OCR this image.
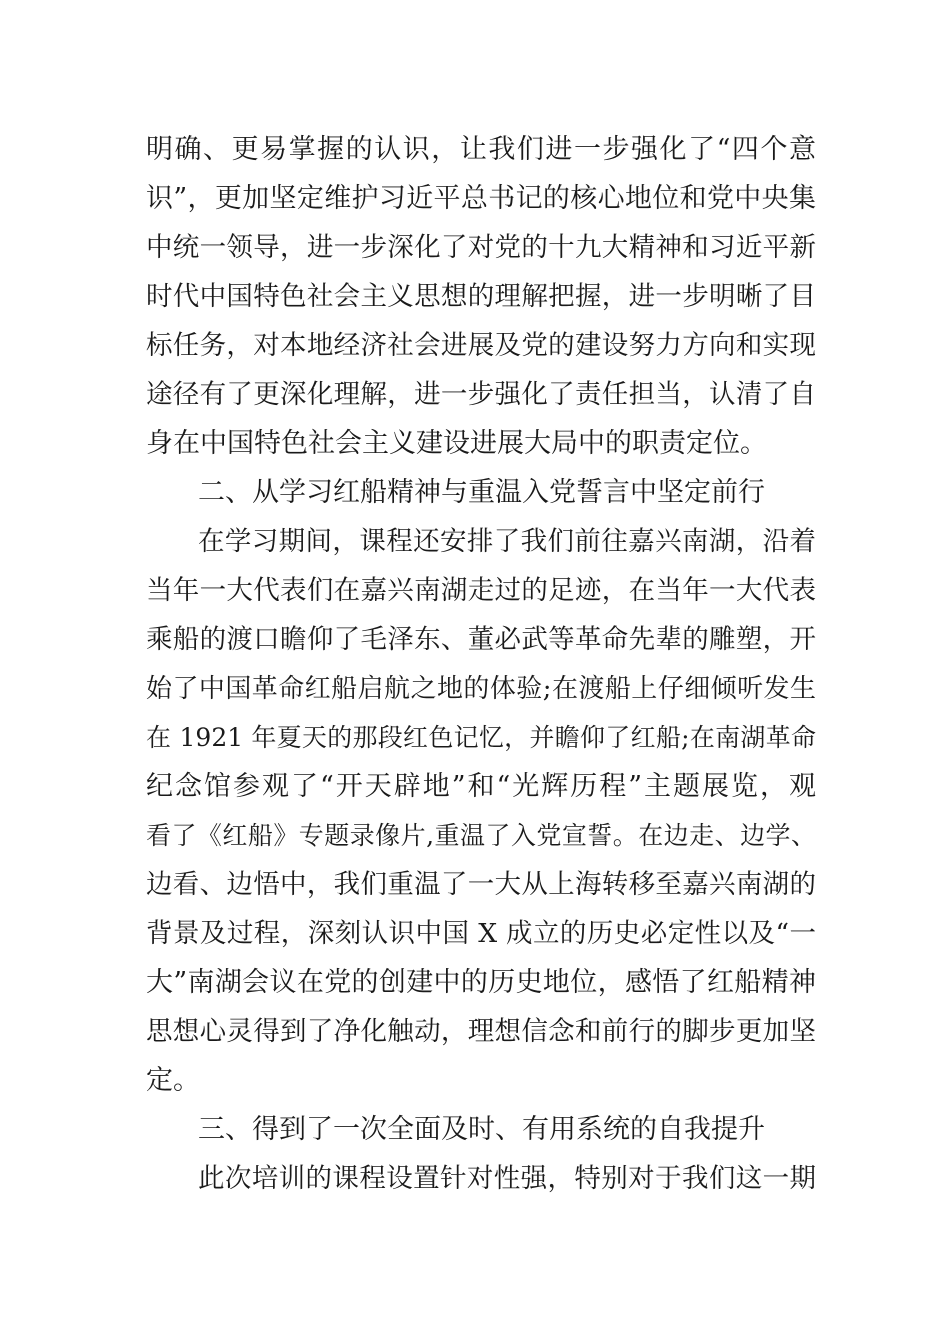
明确、更易掌握的认识，让我们进一步强化了“四个意
识”，更加坚定维护习近平总书记的核心地位和党中央集
中统一领导，进一步深化了对党的十九大精神和习近平新
时代中国特色社会主义思想的理解把握，进一步明晰了目
标任务，对本地经济社会进展及党的建设努力方向和实现
途径有了更深化理解，进一步强化了责任担当，认清了自
身在中国特色社会主义建设进展大局中的职责定位。
二、从学习红船精神与重温入党誓言中坚定前行
在学习期间，课程还安排了我们前往嘉兴南湖，沿着
当年一大代表们在嘉兴南湖走过的足迹，在当年一大代表
乘船的渡口瞻仰了毛泽东、董必武等革命先辈的雕塑，开
始了中国革命红船启航之地的体验;在渡船上仔细倾听发生
在 1921 年夏天的那段红色记忆，并瞻仰了红船;在南湖革命
纪念馆参观了“开天辟地”和“光辉历程”主题展览，观
看了《红船》专题录像片,重温了入党宣誓。在边走、边学、
边看、边悟中，我们重温了一大从上海转移至嘉兴南湖的
背景及过程，深刻认识中国 X 成立的历史必定性以及“一
大”南湖会议在党的创建中的历史地位，感悟了红船精神
思想心灵得到了净化触动，理想信念和前行的脚步更加坚
定。
三、得到了一次全面及时、有用系统的自我提升
此次培训的课程设置针对性强，特别对于我们这一期
